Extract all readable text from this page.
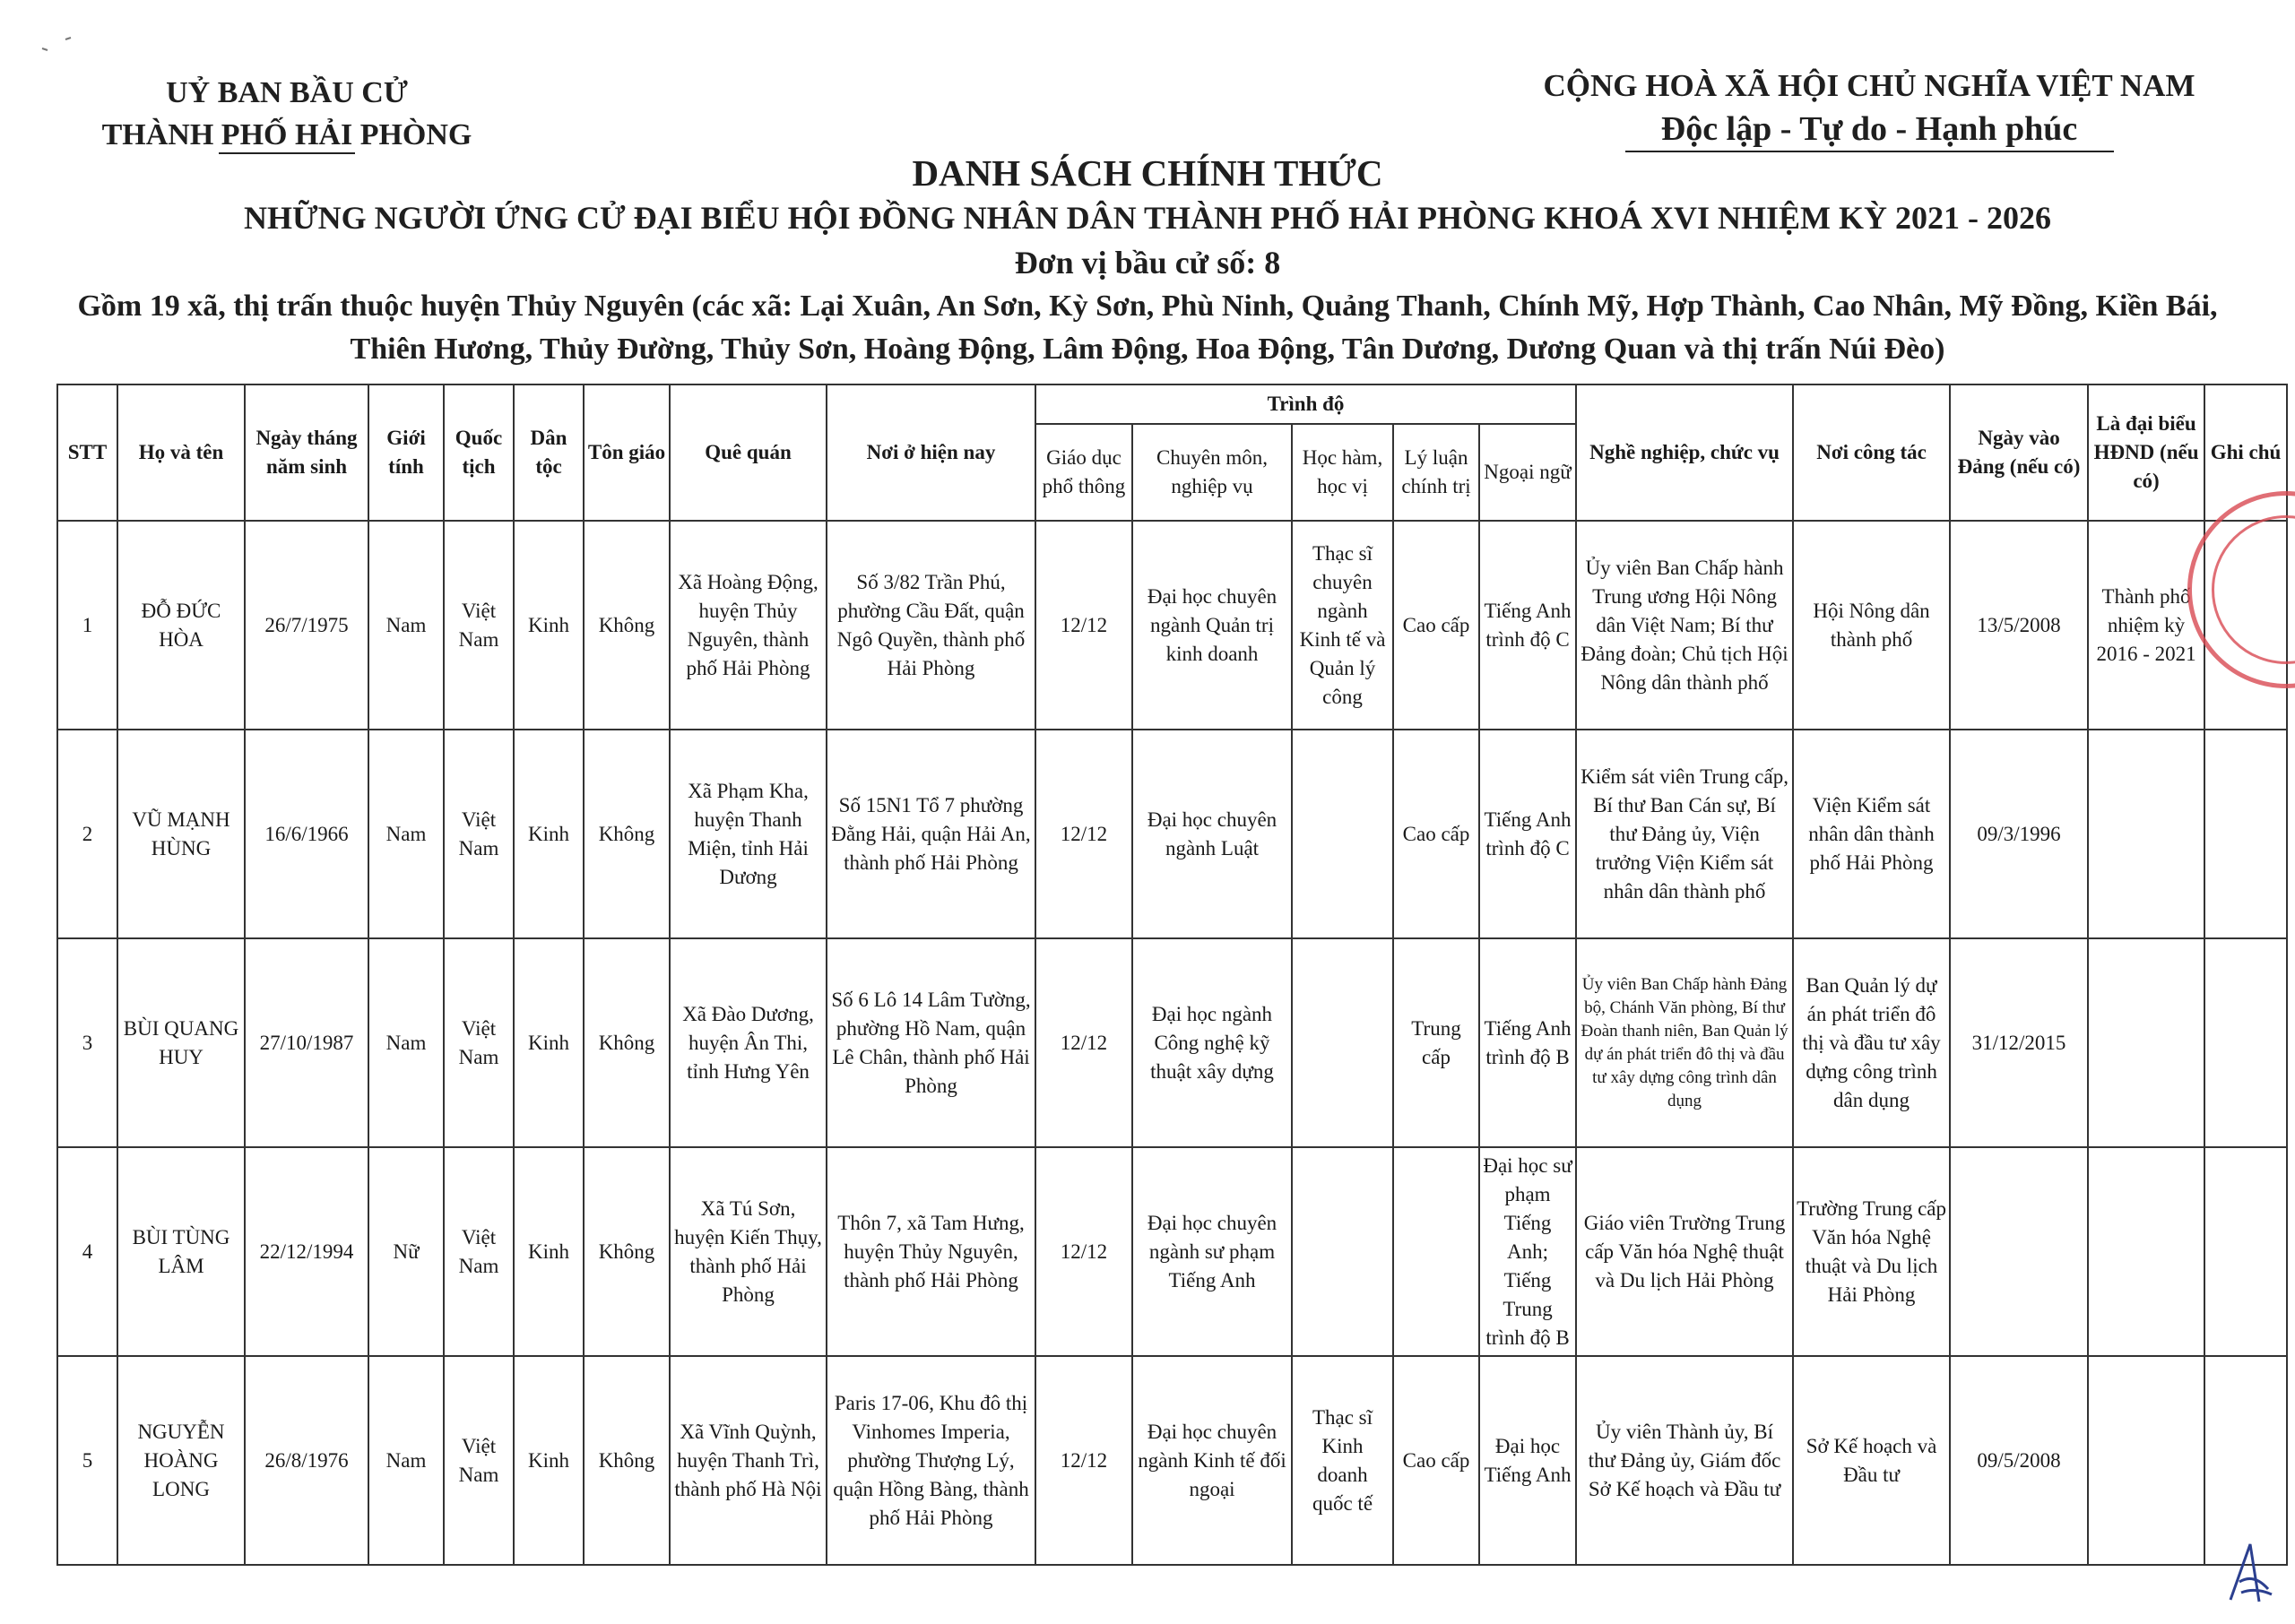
UỶ BAN BẦU CỬ
THÀNH PHỐ HẢI PHÒNG
CỘNG HOÀ XÃ HỘI CHỦ NGHĨA VIỆT NAM
Độc lập - Tự do - Hạnh phúc
DANH SÁCH CHÍNH THỨC
NHỮNG NGƯỜI ỨNG CỬ ĐẠI BIỂU HỘI ĐỒNG NHÂN DÂN THÀNH PHỐ HẢI PHÒNG KHOÁ XVI NHIỆM KỲ 2021 - 2026
Đơn vị bầu cử số: 8
Gồm 19 xã, thị trấn thuộc huyện Thủy Nguyên (các xã: Lại Xuân, An Sơn, Kỳ Sơn, Phù Ninh, Quảng Thanh, Chính Mỹ, Hợp Thành, Cao Nhân, Mỹ Đồng, Kiền Bái,
Thiên Hương, Thủy Đường, Thủy Sơn, Hoàng Động, Lâm Động, Hoa Động, Tân Dương, Dương Quan và thị trấn Núi Đèo)
STT	Họ và tên	Ngày tháng năm sinh	Giới tính	Quốc tịch	Dân tộc	Tôn giáo	Quê quán	Nơi ở hiện nay	Trình độ					Nghề nghiệp, chức vụ	Nơi công tác	Ngày vào Đảng (nếu có)	Là đại biểu HĐND (nếu có)	Ghi chú
									Giáo dục phổ thông	Chuyên môn, nghiệp vụ	Học hàm, học vị	Lý luận chính trị	Ngoại ngữ					
1	ĐỖ ĐỨC HÒA	26/7/1975	Nam	Việt Nam	Kinh	Không	Xã Hoàng Động, huyện Thủy Nguyên, thành phố Hải Phòng	Số 3/82 Trần Phú, phường Cầu Đất, quận Ngô Quyền, thành phố Hải Phòng	12/12	Đại học chuyên ngành Quản trị kinh doanh	Thạc sĩ chuyên ngành Kinh tế và Quản lý công	Cao cấp	Tiếng Anh trình độ C	Ủy viên Ban Chấp hành Trung ương Hội Nông dân Việt Nam; Bí thư Đảng đoàn; Chủ tịch Hội Nông dân thành phố	Hội Nông dân thành phố	13/5/2008	Thành phố nhiệm kỳ 2016 - 2021	
2	VŨ MẠNH HÙNG	16/6/1966	Nam	Việt Nam	Kinh	Không	Xã Phạm Kha, huyện Thanh Miện, tỉnh Hải Dương	Số 15N1 Tổ 7 phường Đằng Hải, quận Hải An, thành phố Hải Phòng	12/12	Đại học chuyên ngành Luật		Cao cấp	Tiếng Anh trình độ C	Kiểm sát viên Trung cấp, Bí thư Ban Cán sự, Bí thư Đảng ủy, Viện trưởng Viện Kiểm sát nhân dân thành phố	Viện Kiểm sát nhân dân thành phố Hải Phòng	09/3/1996		
3	BÙI QUANG HUY	27/10/1987	Nam	Việt Nam	Kinh	Không	Xã Đào Dương, huyện Ân Thi, tỉnh Hưng Yên	Số 6 Lô 14 Lâm Tường, phường Hồ Nam, quận Lê Chân, thành phố Hải Phòng	12/12	Đại học ngành Công nghệ kỹ thuật xây dựng		Trung cấp	Tiếng Anh trình độ B	Ủy viên Ban Chấp hành Đảng bộ, Chánh Văn phòng, Bí thư Đoàn thanh niên, Ban Quản lý dự án phát triển đô thị và đầu tư xây dựng công trình dân dụng	Ban Quản lý dự án phát triển đô thị và đầu tư xây dựng công trình dân dụng	31/12/2015		
4	BÙI TÙNG LÂM	22/12/1994	Nữ	Việt Nam	Kinh	Không	Xã Tú Sơn, huyện Kiến Thụy, thành phố Hải Phòng	Thôn 7, xã Tam Hưng, huyện Thủy Nguyên, thành phố Hải Phòng	12/12	Đại học chuyên ngành sư phạm Tiếng Anh			Đại học sư phạm Tiếng Anh; Tiếng Trung trình độ B	Giáo viên Trường Trung cấp Văn hóa Nghệ thuật và Du lịch Hải Phòng	Trường Trung cấp Văn hóa Nghệ thuật và Du lịch Hải Phòng			
5	NGUYỄN HOÀNG LONG	26/8/1976	Nam	Việt Nam	Kinh	Không	Xã Vĩnh Quỳnh, huyện Thanh Trì, thành phố Hà Nội	Paris 17-06, Khu đô thị Vinhomes Imperia, phường Thượng Lý, quận Hồng Bàng, thành phố Hải Phòng	12/12	Đại học chuyên ngành Kinh tế đối ngoại	Thạc sĩ Kinh doanh quốc tế	Cao cấp	Đại học Tiếng Anh	Ủy viên Thành ủy, Bí thư Đảng ủy, Giám đốc Sở Kế hoạch và Đầu tư	Sở Kế hoạch và Đầu tư	09/5/2008		
